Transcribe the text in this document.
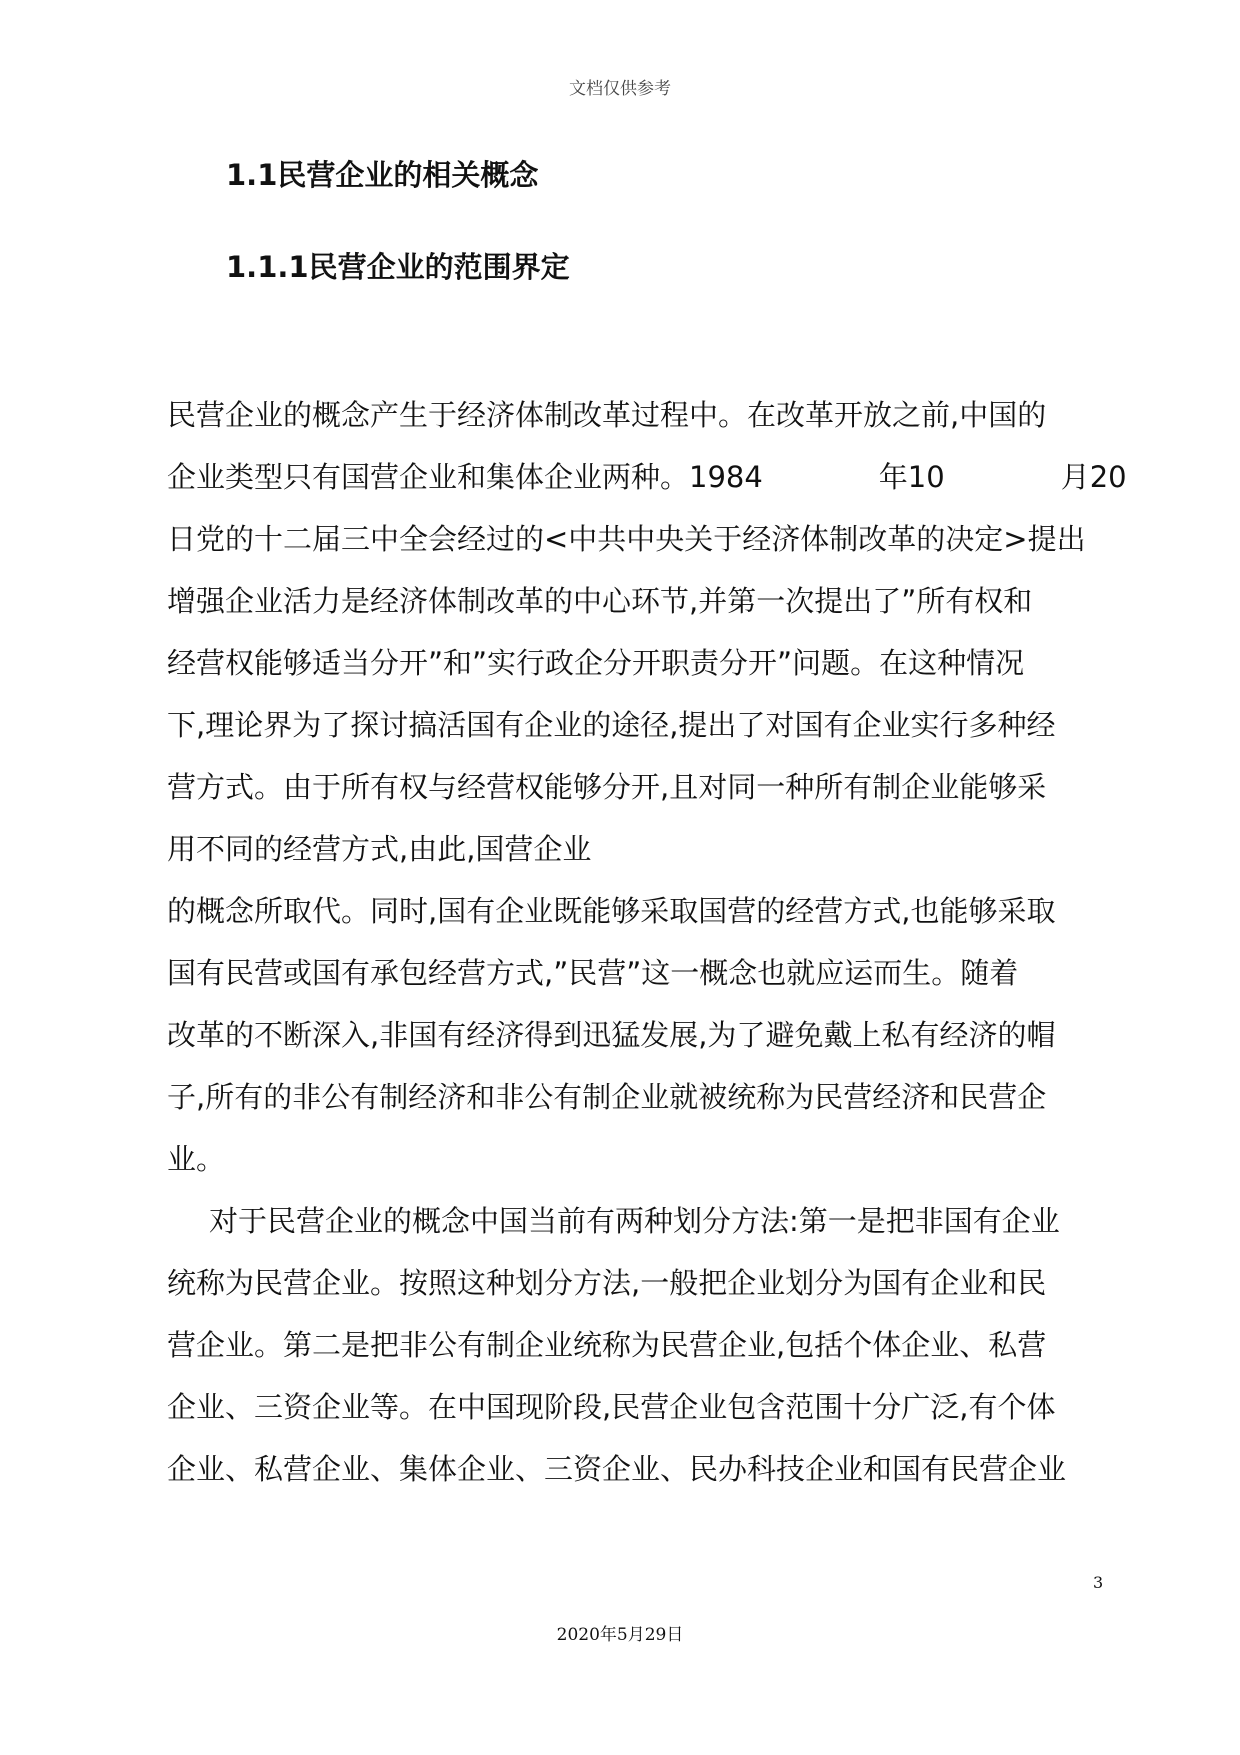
文档仅供参考
1.1民营企业的相关概念
1.1.1民营企业的范围界定
民营企业的概念产生于经济体制改革过程中。在改革开放之前,中国的
企业类型只有国营企业和集体企业两种。1984　　　　年10　　　　月20
日党的十二届三中全会经过的<中共中央关于经济体制改革的决定>提出
增强企业活力是经济体制改革的中心环节,并第一次提出了”所有权和
经营权能够适当分开”和”实行政企分开职责分开”问题。在这种情况
下,理论界为了探讨搞活国有企业的途径,提出了对国有企业实行多种经
营方式。由于所有权与经营权能够分开,且对同一种所有制企业能够采
用不同的经营方式,由此,国营企业
的概念所取代。同时,国有企业既能够采取国营的经营方式,也能够采取
国有民营或国有承包经营方式,”民营”这一概念也就应运而生。随着
改革的不断深入,非国有经济得到迅猛发展,为了避免戴上私有经济的帽
子,所有的非公有制经济和非公有制企业就被统称为民营经济和民营企
业。
对于民营企业的概念中国当前有两种划分方法:第一是把非国有企业
统称为民营企业。按照这种划分方法,一般把企业划分为国有企业和民
营企业。第二是把非公有制企业统称为民营企业,包括个体企业、私营
企业、三资企业等。在中国现阶段,民营企业包含范围十分广泛,有个体
企业、私营企业、集体企业、三资企业、民办科技企业和国有民营企业
3
2020年5月29日
